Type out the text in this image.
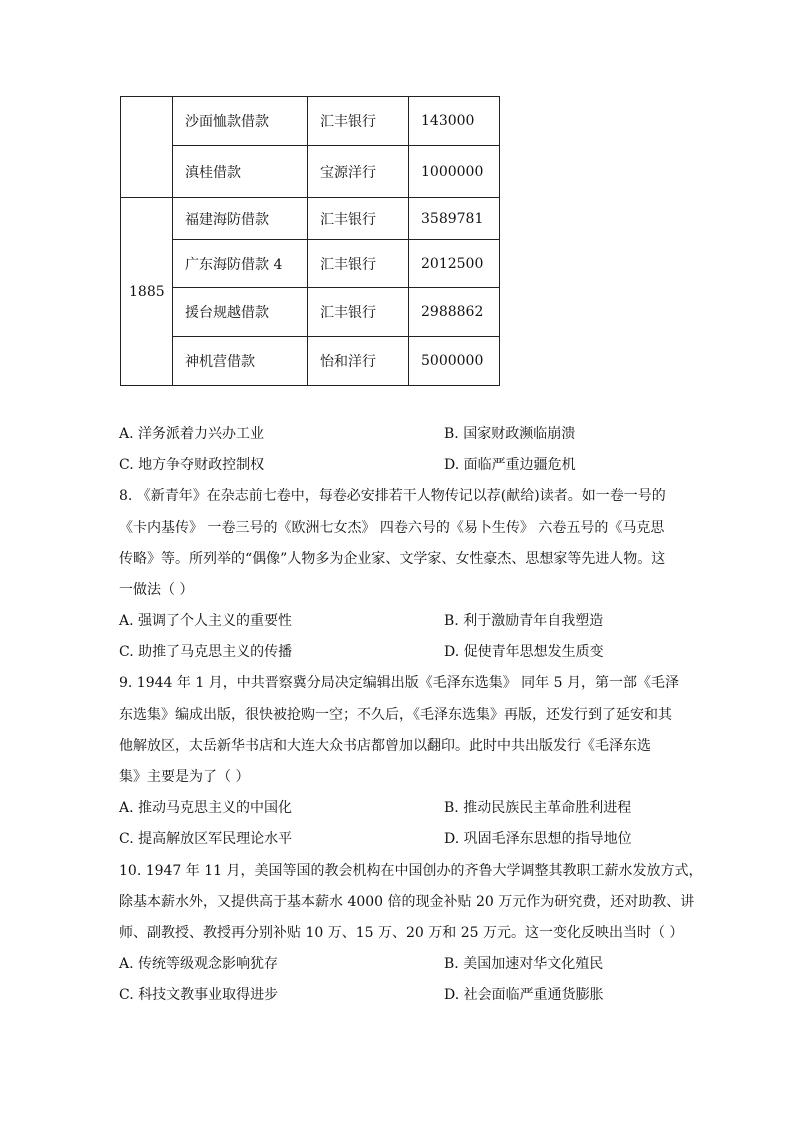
	沙面恤款借款	汇丰银行	143000
	滇桂借款	宝源洋行	1000000
1885	福建海防借款	汇丰银行	3589781
	广东海防借款 4	汇丰银行	2012500
	援台规越借款	汇丰银行	2988862
	神机营借款	怡和洋行	5000000
A. 洋务派着力兴办工业	B. 国家财政濒临崩溃
C. 地方争夺财政控制权	D. 面临严重边疆危机
8. 《新青年》在杂志前七卷中，每卷必安排若干人物传记以荐(献给)读者。如一卷一号的
《卡内基传》 一卷三号的《欧洲七女杰》 四卷六号的《易卜生传》 六卷五号的《马克思
传略》等。所列举的“偶像”人物多为企业家、文学家、女性豪杰、思想家等先进人物。这
一做法（ ）
A. 强调了个人主义的重要性	B. 利于激励青年自我塑造
C. 助推了马克思主义的传播	D. 促使青年思想发生质变
9. 1944 年 1 月，中共晋察冀分局决定编辑出版《毛泽东选集》 同年 5 月，第一部《毛泽
东选集》编成出版，很快被抢购一空；不久后，《毛泽东选集》再版，还发行到了延安和其
他解放区，太岳新华书店和大连大众书店都曾加以翻印。此时中共出版发行《毛泽东选
集》主要是为了（ ）
A. 推动马克思主义的中国化	B. 推动民族民主革命胜利进程
C. 提高解放区军民理论水平	D. 巩固毛泽东思想的指导地位
10. 1947 年 11 月，美国等国的教会机构在中国创办的齐鲁大学调整其教职工薪水发放方式，
除基本薪水外，又提供高于基本薪水 4000 倍的现金补贴 20 万元作为研究费，还对助教、讲
师、副教授、教授再分别补贴 10 万、15 万、20 万和 25 万元。这一变化反映出当时（ ）
A. 传统等级观念影响犹存	B. 美国加速对华文化殖民
C. 科技文教事业取得进步	D. 社会面临严重通货膨胀
